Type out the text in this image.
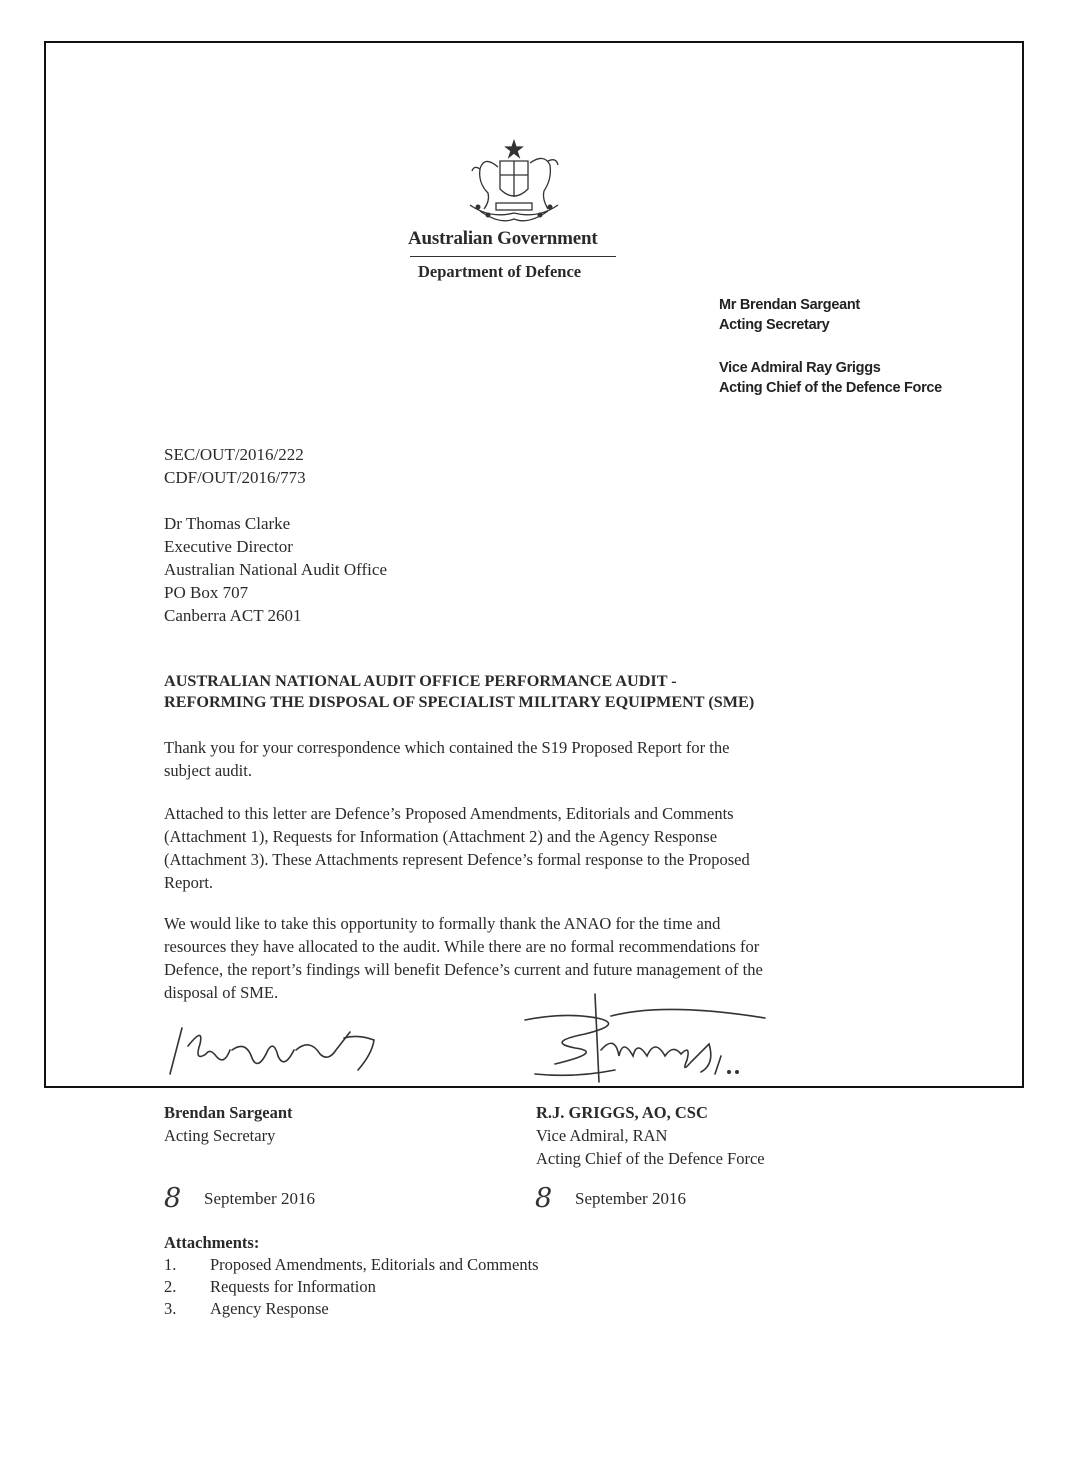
Australian Government
Department of Defence
Mr Brendan Sargeant
Acting Secretary
Vice Admiral Ray Griggs
Acting Chief of the Defence Force
SEC/OUT/2016/222
CDF/OUT/2016/773
Dr Thomas Clarke
Executive Director
Australian National Audit Office
PO Box 707
Canberra ACT 2601
AUSTRALIAN NATIONAL AUDIT OFFICE PERFORMANCE AUDIT -
REFORMING THE DISPOSAL OF SPECIALIST MILITARY EQUIPMENT (SME)
Thank you for your correspondence which contained the S19 Proposed Report for the
subject audit.
Attached to this letter are Defence’s Proposed Amendments, Editorials and Comments
(Attachment 1), Requests for Information (Attachment 2) and the Agency Response
(Attachment 3). These Attachments represent Defence’s formal response to the Proposed
Report.
We would like to take this opportunity to formally thank the ANAO for the time and
resources they have allocated to the audit. While there are no formal recommendations for
Defence, the report’s findings will benefit Defence’s current and future management of the
disposal of SME.
Brendan Sargeant
Acting Secretary
R.J. GRIGGS, AO, CSC
Vice Admiral, RAN
Acting Chief of the Defence Force
8 September 2016	8 September 2016
Attachments:
1.	Proposed Amendments, Editorials and Comments
2.	Requests for Information
3.	Agency Response
